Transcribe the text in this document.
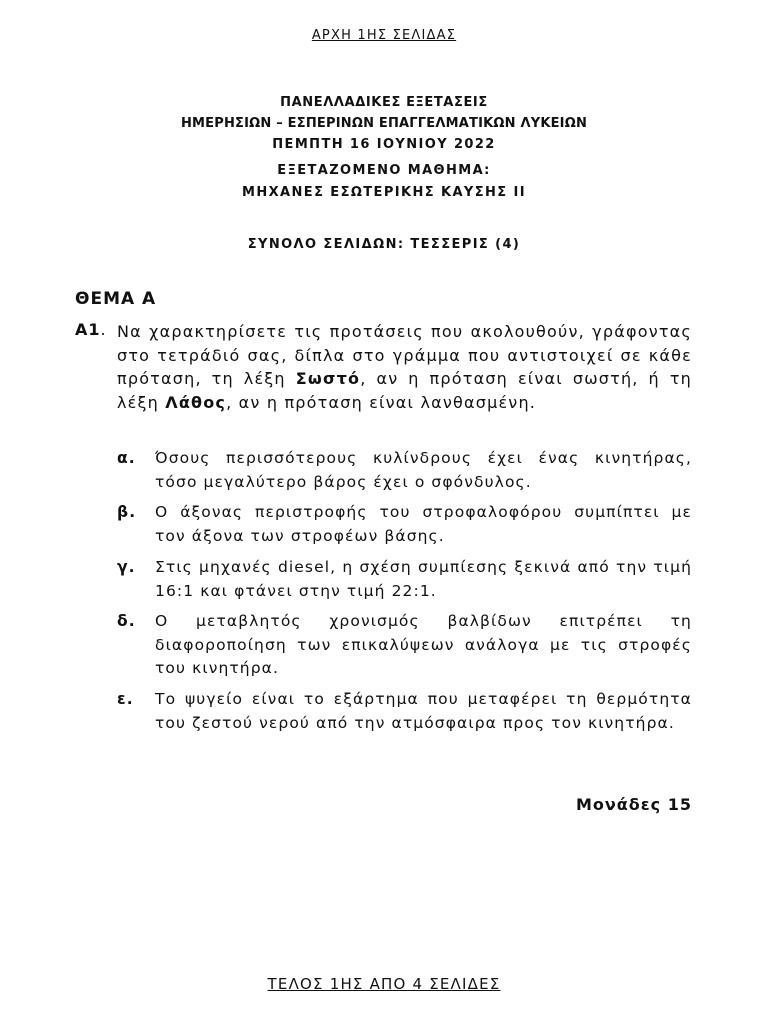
ΑΡΧΗ 1ΗΣ ΣΕΛΙΔΑΣ
ΠΑΝΕΛΛΑΔΙΚΕΣ ΕΞΕΤΑΣΕΙΣ
ΗΜΕΡΗΣΙΩΝ – ΕΣΠΕΡΙΝΩΝ ΕΠΑΓΓΕΛΜΑΤΙΚΩΝ ΛΥΚΕΙΩΝ
ΠΕΜΠΤΗ 16 ΙΟΥΝΙΟΥ 2022
ΕΞΕΤΑΖΟΜΕΝΟ ΜΑΘΗΜΑ:
ΜΗΧΑΝΕΣ ΕΣΩΤΕΡΙΚΗΣ ΚΑΥΣΗΣ ΙΙ
ΣΥΝΟΛΟ ΣΕΛΙΔΩΝ: ΤΕΣΣΕΡΙΣ (4)
ΘΕΜΑ Α
Α1. Να χαρακτηρίσετε τις προτάσεις που ακολουθούν, γράφοντας στο τετράδιό σας, δίπλα στο γράμμα που αντιστοιχεί σε κάθε πρόταση, τη λέξη Σωστό, αν η πρόταση είναι σωστή, ή τη λέξη Λάθος, αν η πρόταση είναι λανθασμένη.
α. Όσους περισσότερους κυλίνδρους έχει ένας κινητήρας, τόσο μεγαλύτερο βάρος έχει ο σφόνδυλος.
β. Ο άξονας περιστροφής του στροφαλοφόρου συμπίπτει με τον άξονα των στροφέων βάσης.
γ. Στις μηχανές diesel, η σχέση συμπίεσης ξεκινά από την τιμή 16:1 και φτάνει στην τιμή 22:1.
δ. Ο μεταβλητός χρονισμός βαλβίδων επιτρέπει τη διαφοροποίηση των επικαλύψεων ανάλογα με τις στροφές του κινητήρα.
ε. Το ψυγείο είναι το εξάρτημα που μεταφέρει τη θερμότητα του ζεστού νερού από την ατμόσφαιρα προς τον κινητήρα.
Μονάδες 15
ΤΕΛΟΣ 1ΗΣ ΑΠΟ 4 ΣΕΛΙΔΕΣ
